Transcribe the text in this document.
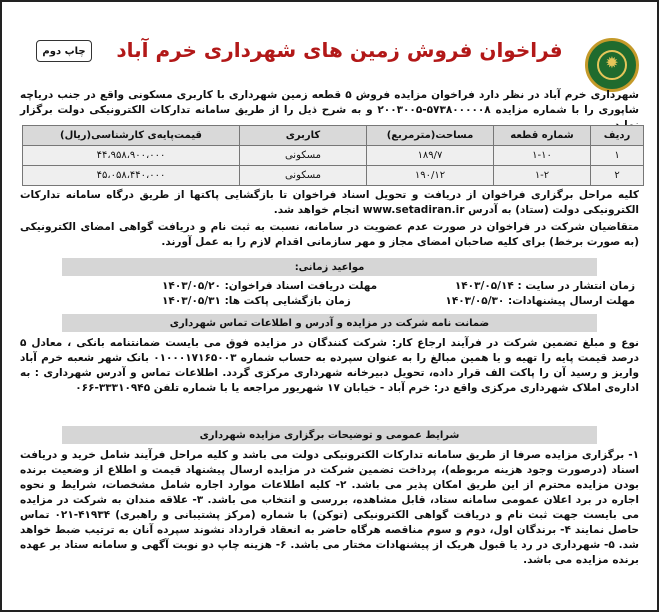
چاپ دوم
✹
فراخوان فروش زمین های شهرداری خرم آباد
شهرداری خرم آباد در نظر دارد فراخوان مزایده فروش ۵ قطعه زمین شهرداری با کاربری مسکونی واقع در جنب دریاچه شاپوری را با شماره مزایده ۵۷۳۸۰۰۰۰۰۸-۲۰۰۳۰۰۵ و به شرح ذیل را از طریق سامانه تدارکات الکترونیکی دولت برگزار
ردیف	شماره قطعه	مساحت(مترمربع)	کاربری	قیمت‌پایه‌ی کارشناسی(ریال)
۱	۱-۱۰	۱۸۹/۷	مسکونی	۴۴،۹۵۸،۹۰۰،۰۰۰
۲	۱-۲	۱۹۰/۱۲	مسکونی	۴۵،۰۵۸،۴۴۰،۰۰۰
کلیه مراحل برگزاری فراخوان از دریافت و تحویل اسناد فراخوان تا بازگشایی پاکتها از طریق درگاه سامانه تدارکات الکترونیکی دولت (ستاد) به آدرس www.setadiran.ir انجام خواهد شد.
متقاضیان شرکت در فراخوان در صورت عدم عضویت در سامانه، نسبت به ثبت نام و دریافت گواهی امضای الکترونیکی (به صورت برخط) برای کلیه صاحبان امضای مجاز و مهر سازمانی اقدام لازم را به عمل آورند.
مواعید زمانی:
زمان انتشار در سایت : ۱۴۰۳/۰۵/۱۴
مهلت دریافت اسناد فراخوان: ۱۴۰۳/۰۵/۲۰
مهلت ارسال پیشنهادات: ۱۴۰۳/۰۵/۳۰
زمان بازگشایی پاکت ها: ۱۴۰۳/۰۵/۳۱
ضمانت نامه شرکت در مزایده و آدرس و اطلاعات تماس شهرداری
نوع و مبلغ تضمین شرکت در فرآیند ارجاع کار: شرکت کنندگان در مزایده فوق می بایست ضمانتنامه بانکی ، معادل ۵ درصد قیمت پایه را تهیه و یا همین مبالغ را به عنوان سپرده به حساب شماره ۰۱۰۰۰۱۷۱۶۵۰۰۳ بانک شهر شعبه خرم آباد واریز و رسید آن را پاکت الف قرار داده، تحویل دبیرخانه شهرداری مرکزی گردد. اطلاعات تماس و آدرس شهرداری : به اداره‌ی املاک شهرداری مرکزی واقع در: خرم آباد - خیابان ۱۷ شهریور مراجعه یا با شماره تلفن ۳۳۳۱۰۹۴۵-۰۶۶
شرایط عمومی و توضیحات برگزاری مزایده شهرداری
۱- برگزاری مزایده صرفا از طریق سامانه تدارکات الکترونیکی دولت می باشد و کلیه مراحل فرآیند شامل خرید و دریافت اسناد (درصورت وجود هزینه مربوطه)، پرداخت تضمین شرکت در مزایده ارسال پیشنهاد قیمت و اطلاع از وضعیت برنده بودن مزایده محترم از این طریق امکان پذیر می باشد. ۲- کلیه اطلاعات موارد اجاره شامل مشخصات، شرایط و نحوه اجاره در برد اعلان عمومی سامانه ستاد، قابل مشاهده، بررسی و انتخاب می باشد. ۳- علاقه مندان به شرکت در مزایده می بایست جهت ثبت نام و دریافت گواهی الکترونیکی (توکن) با شماره (مرکز پشتیبانی و راهبری) ۴۱۹۳۴-۰۲۱ تماس حاصل نمایند ۴- برندگان اول، دوم و سوم مناقصه هرگاه حاضر به انعقاد قرارداد نشوند سپرده آنان به ترتیب ضبط خواهد شد. ۵- شهرداری در رد یا قبول هریک از پیشنهادات مختار می باشد. ۶- هزینه چاپ دو نوبت آگهی و سامانه ستاد بر عهده برنده مزایده می باشد.
